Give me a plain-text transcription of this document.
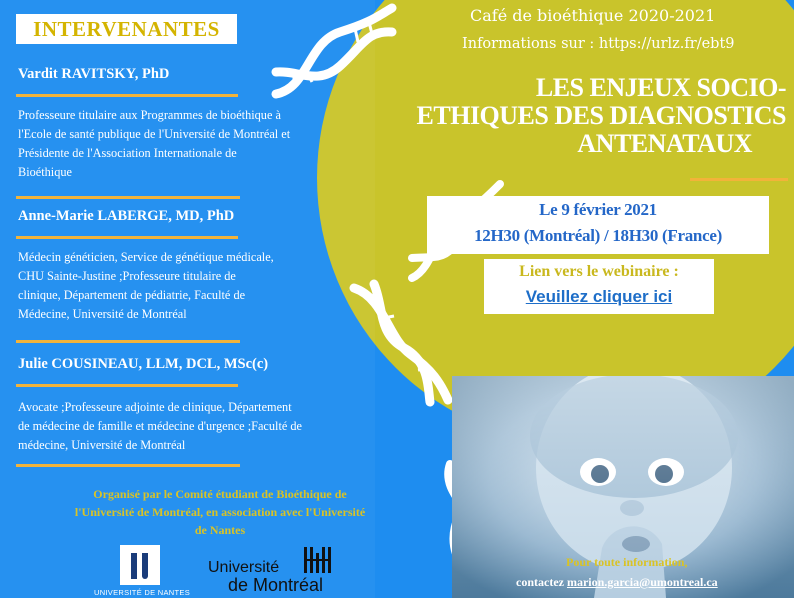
INTERVENANTES
Vardit RAVITSKY, PhD
Professeure titulaire aux Programmes de bioéthique à
l'Ecole de santé publique de l'Université de Montréal et
Présidente de l'Association Internationale de
Bioéthique
Anne-Marie LABERGE, MD, PhD
Médecin généticien, Service de génétique médicale,
CHU Sainte-Justine ;Professeure titulaire de
clinique, Département de pédiatrie, Faculté de
Médecine, Université de Montréal
Julie COUSINEAU, LLM, DCL, MSc(c)
Avocate ;Professeure adjointe de clinique, Département
de médecine de famille et médecine d'urgence ;Faculté de
médecine, Université de Montréal
Organisé par le Comité étudiant de Bioéthique de
l'Université de Montréal, en association avec l'Université
de Nantes
UNIVERSITÉ DE NANTES
Université
de Montréal
Café de bioéthique 2020-2021
Informations sur : https://urlz.fr/ebt9
LES ENJEUX SOCIO-
ETHIQUES DES DIAGNOSTICS
ANTENATAUX
Le 9 février 2021
12H30 (Montréal) / 18H30 (France)
Lien vers le webinaire :
Veuillez cliquer ici
Pour toute information,
contactez marion.garcia@umontreal.ca
